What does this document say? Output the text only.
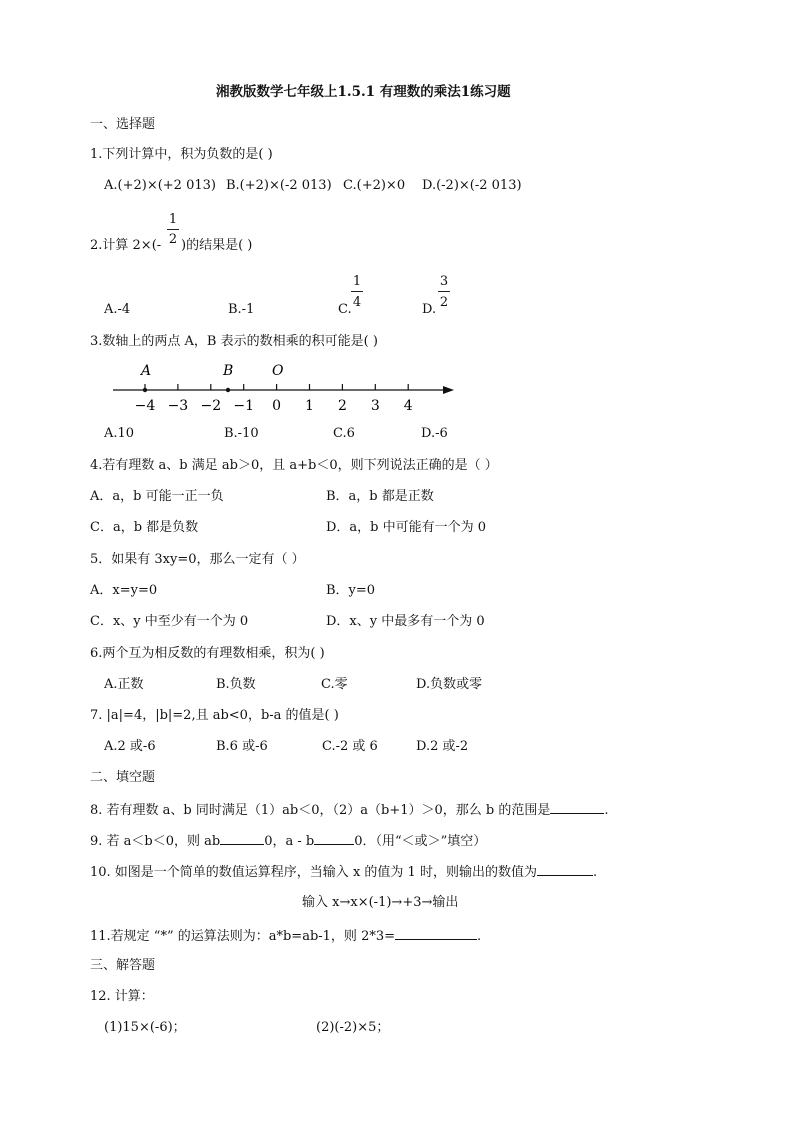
湘教版数学七年级上1.5.1 有理数的乘法1练习题
一、选择题
1.下列计算中，积为负数的是( )
A.(+2)×(+2 013) B.(+2)×(-2 013) C.(+2)×0 D.(-2)×(-2 013)
2.计算 2×(-
1
2 )的结果是( )
A.-4	B.-1	C.
1
4	D.
3
2
3.数轴上的两点 A，B 表示的数相乘的积可能是( )
−4 −3 −2 −1 0 1 2 3 4
A	B	O
A.10	B.-10	C.6	D.-6
4.若有理数 a、b 满足 ab＞0，且 a+b＜0，则下列说法正确的是（ ）
A．a，b 可能一正一负	B．a，b 都是正数
C．a，b 都是负数	D．a，b 中可能有一个为 0
5．如果有 3xy=0，那么一定有（ ）
A．x=y=0	B．y=0
C．x、y 中至少有一个为 0	D．x、y 中最多有一个为 0
6.两个互为相反数的有理数相乘，积为( )
A.正数	B.负数	C.零	D.负数或零
7. |a|=4，|b|=2,且 ab<0，b-a 的值是( )
A.2 或-6	B.6 或-6	C.-2 或 6	D.2 或-2
二、填空题
8. 若有理数 a、b 同时满足（1）ab＜0，（2）a（b+1）＞0，那么 b 的范围是	.
9. 若 a＜b＜0，则 ab	0，a - b	0．（用“＜或＞”填空）
10. 如图是一个简单的数值运算程序，当输入 x 的值为 1 时，则输出的数值为	.
输入 x→x×(-1)→+3→输出
11.若规定 “*” 的运算法则为：a*b=ab-1，则 2*3=	.
三、解答题
12. 计算：
(1)15×(-6)；	(2)(-2)×5；
